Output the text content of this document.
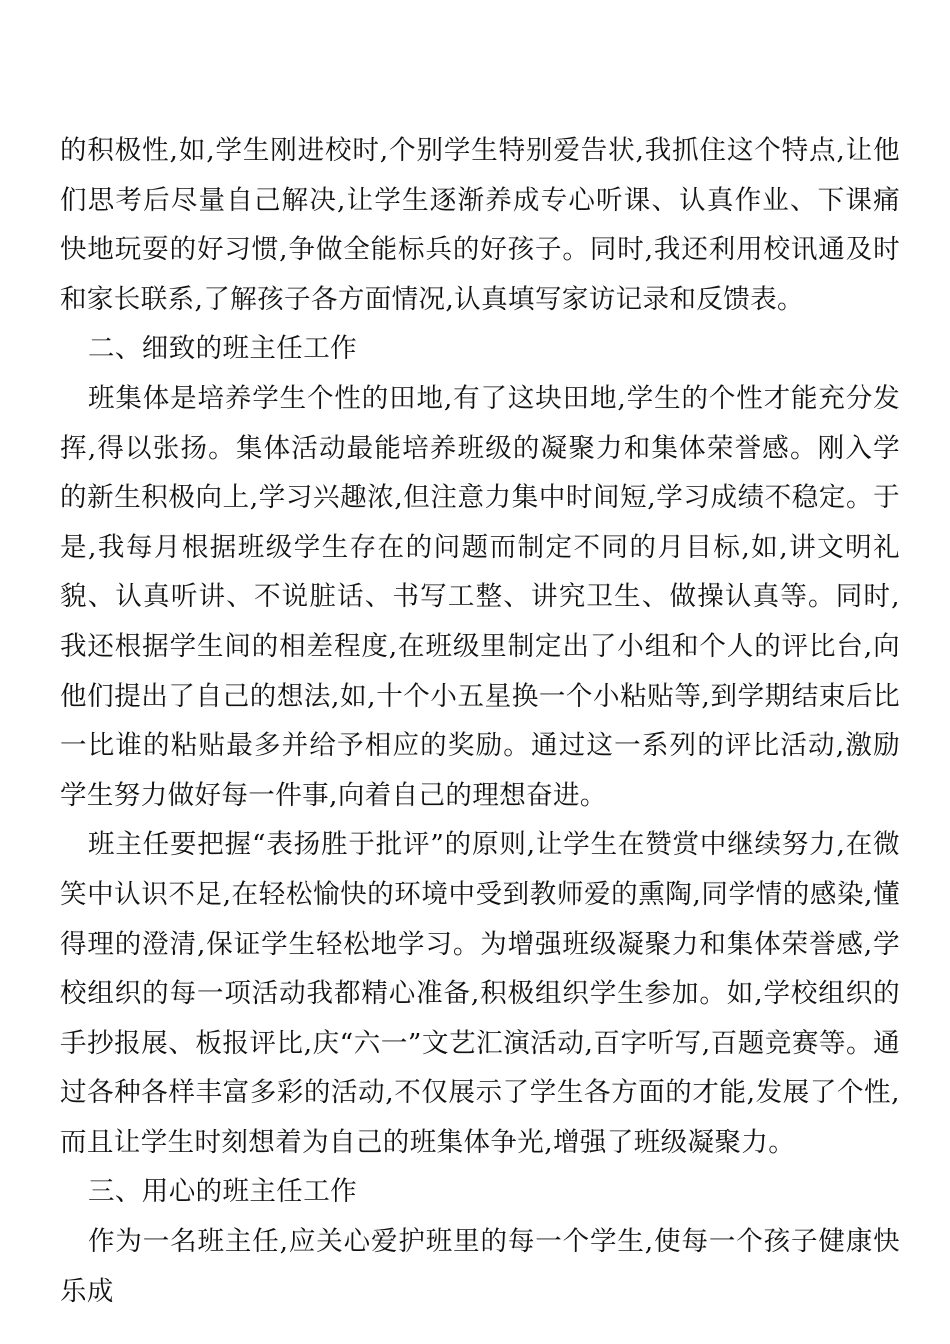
的积极性,如,学生刚进校时,个别学生特别爱告状,我抓住这个特点,让他们思考后尽量自己解决,让学生逐渐养成专心听课、认真作业、下课痛快地玩耍的好习惯,争做全能标兵的好孩子。同时,我还利用校讯通及时和家长联系,了解孩子各方面情况,认真填写家访记录和反馈表。

二、细致的班主任工作

班集体是培养学生个性的田地,有了这块田地,学生的个性才能充分发挥,得以张扬。集体活动最能培养班级的凝聚力和集体荣誉感。刚入学的新生积极向上,学习兴趣浓,但注意力集中时间短,学习成绩不稳定。于是,我每月根据班级学生存在的问题而制定不同的月目标,如,讲文明礼貌、认真听讲、不说脏话、书写工整、讲究卫生、做操认真等。同时,我还根据学生间的相差程度,在班级里制定出了小组和个人的评比台,向他们提出了自己的想法,如,十个小五星换一个小粘贴等,到学期结束后比一比谁的粘贴最多并给予相应的奖励。通过这一系列的评比活动,激励学生努力做好每一件事,向着自己的理想奋进。

班主任要把握“表扬胜于批评”的原则,让学生在赞赏中继续努力,在微笑中认识不足,在轻松愉快的环境中受到教师爱的熏陶,同学情的感染,懂得理的澄清,保证学生轻松地学习。为增强班级凝聚力和集体荣誉感,学校组织的每一项活动我都精心准备,积极组织学生参加。如,学校组织的手抄报展、板报评比,庆“六一”文艺汇演活动,百字听写,百题竞赛等。通过各种各样丰富多彩的活动,不仅展示了学生各方面的才能,发展了个性,而且让学生时刻想着为自己的班集体争光,增强了班级凝聚力。

三、用心的班主任工作

作为一名班主任,应关心爱护班里的每一个学生,使每一个孩子健康快乐成
